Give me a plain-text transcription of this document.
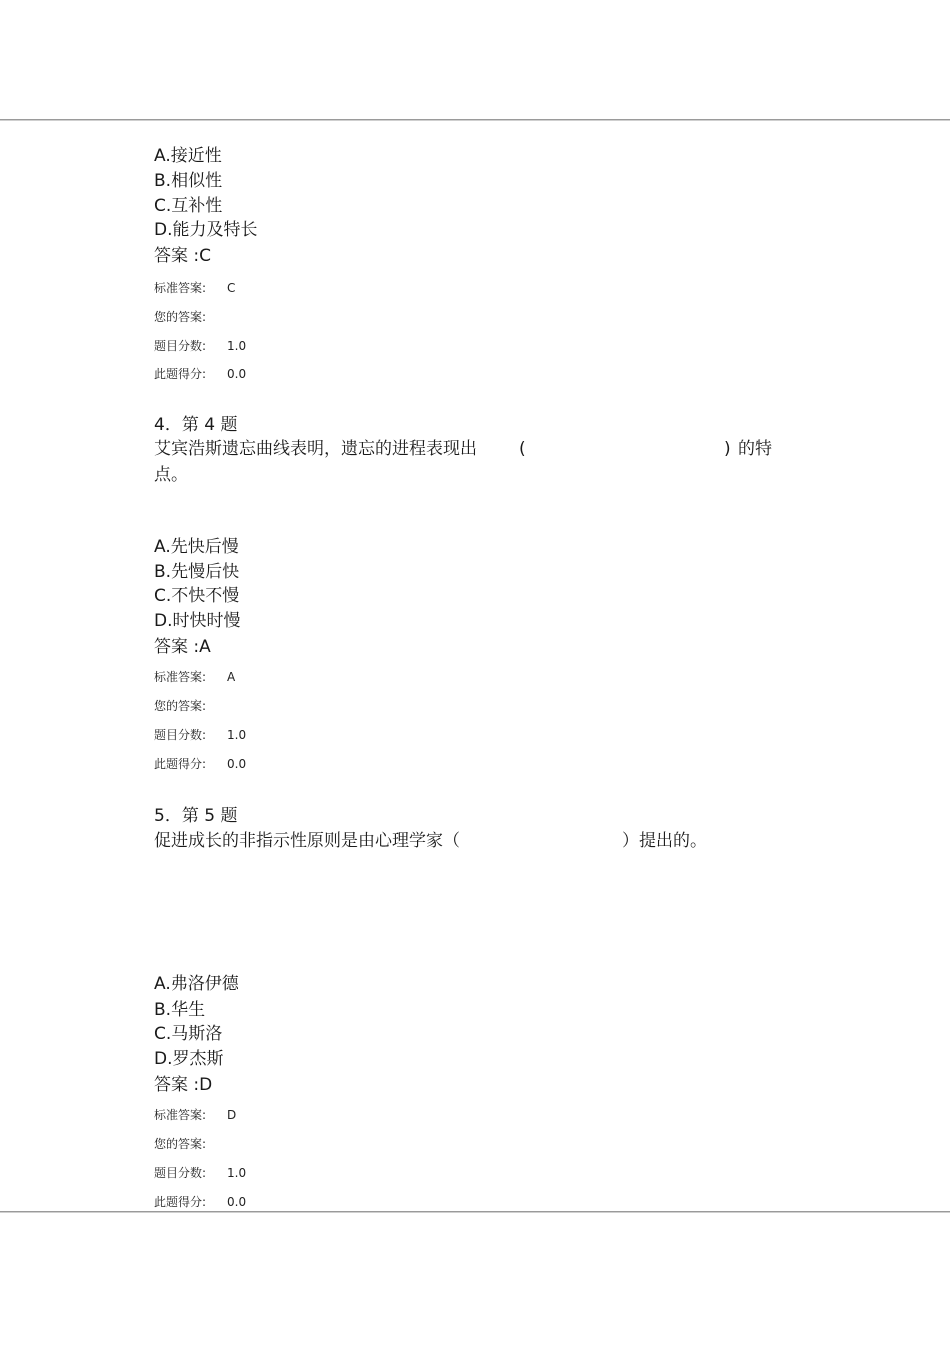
A.接近性
B.相似性
C.互补性
D.能力及特长
答案 :C
标准答案: C
您的答案:
题目分数: 1.0
此题得分: 0.0
4．第 4 题
艾宾浩斯遗忘曲线表明，遗忘的进程表现出 (	) 的特
点。
A.先快后慢
B.先慢后快
C.不快不慢
D.时快时慢
答案 :A
标准答案: A
您的答案:
题目分数: 1.0
此题得分: 0.0
5．第 5 题
促进成长的非指示性原则是由心理学家（	）提出的。
A.弗洛伊德
B.华生
C.马斯洛
D.罗杰斯
答案 :D
标准答案: D
您的答案:
题目分数: 1.0
此题得分: 0.0
